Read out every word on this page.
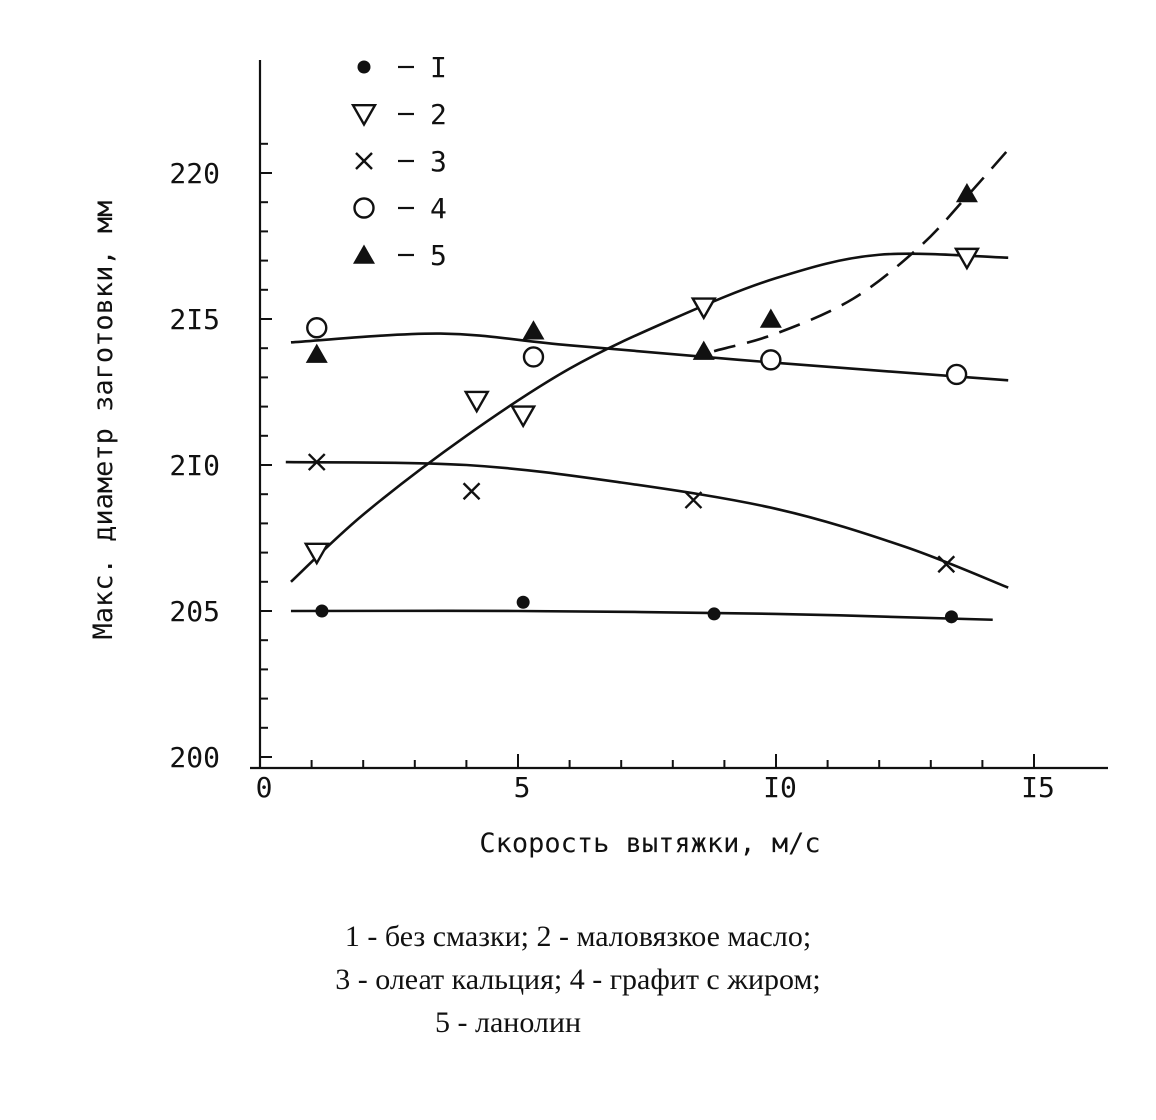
200
205
2I0
2I5
220
0	5	I0	I5
Скорость вытяжки, м/с
Макс. диаметр заготовки, мм
I
2
3
4
5
1 - без смазки; 2 - маловязкое масло;
3 - олеат кальция; 4 - графит с жиром;
5 - ланолин
